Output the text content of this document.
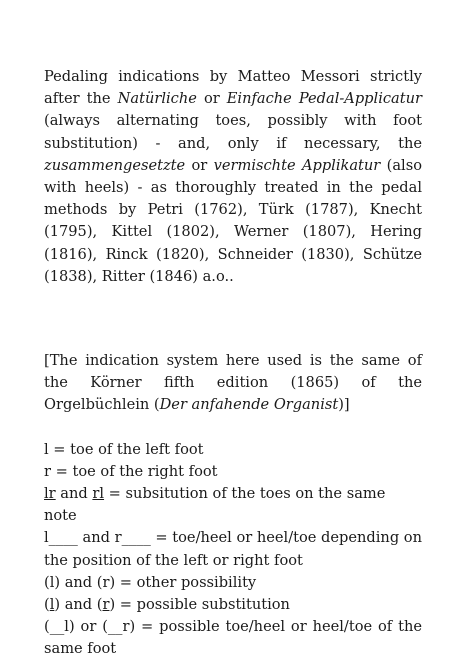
Pedaling indications by Matteo Messori strictly after the Natürliche or Einfache Pedal-Applicatur (always alternating toes, possibly with foot substitution) - and, only if necessary, the zusammengesetzte or vermischte Applikatur (also with heels) - as thoroughly treated in the pedal methods by Petri (1762), Türk (1787), Knecht (1795), Kittel (1802), Werner (1807), Hering (1816), Rinck (1820), Schneider (1830), Schütze (1838), Ritter (1846) a.o..

[The indication system here used is the same of the Körner fifth edition (1865) of the Orgelbüchlein (Der anfahende Organist)]

l = toe of the left foot

r = toe of the right foot

lr and rl = subsitution of the toes on the same note

l____ and r____ = toe/heel or heel/toe depending on the position of the left or right foot

(l) and (r) = other possibility

(l) and (r) = possible substitution

(__l) or (__r) = possible toe/heel or heel/toe of the same foot
